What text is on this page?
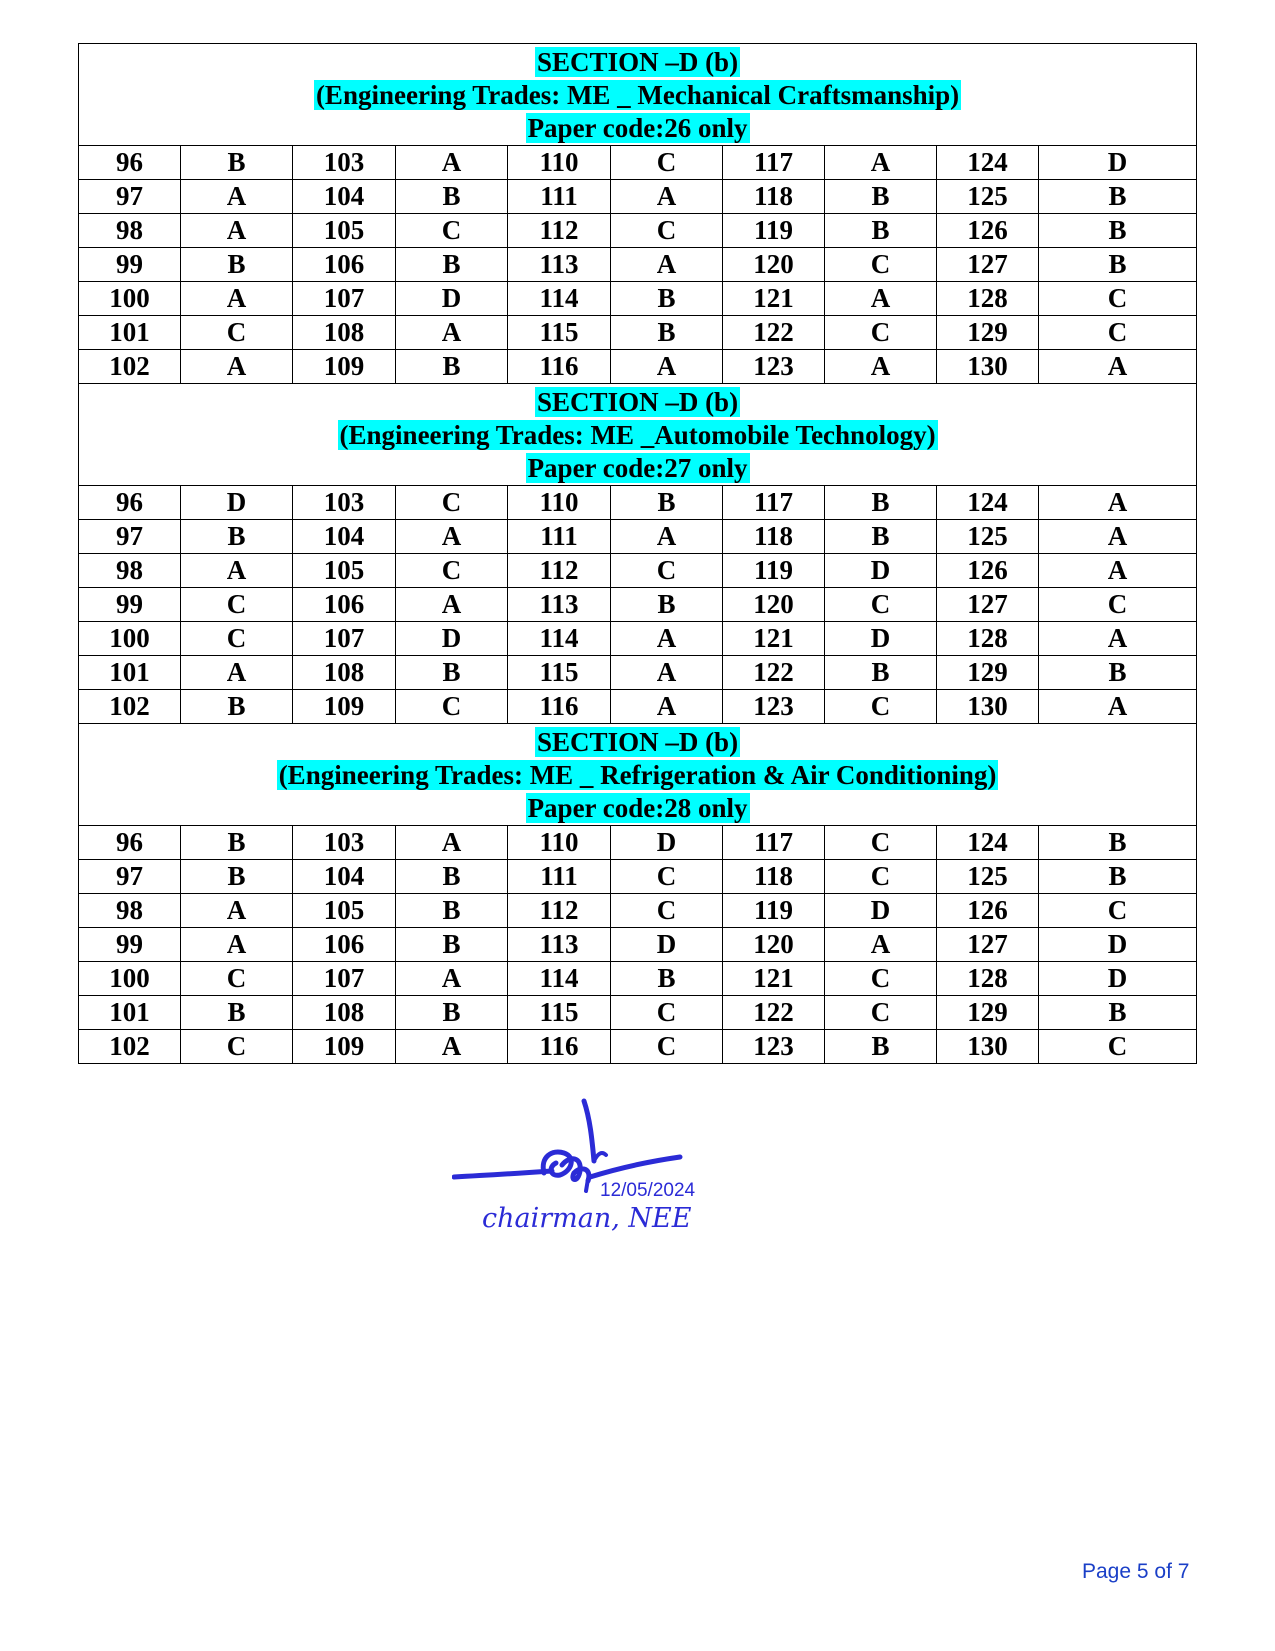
SECTION –D (b)
(Engineering Trades: ME _ Mechanical Craftsmanship)
Paper code:26 only									

96	B	103	A	110	C	117	A	124	D
97	A	104	B	111	A	118	B	125	B
98	A	105	C	112	C	119	B	126	B
99	B	106	B	113	A	120	C	127	B
100	A	107	D	114	B	121	A	128	C
101	C	108	A	115	B	122	C	129	C
102	A	109	B	116	A	123	A	130	A

SECTION –D (b)
(Engineering Trades: ME _Automobile Technology)
Paper code:27 only									

96	D	103	C	110	B	117	B	124	A
97	B	104	A	111	A	118	B	125	A
98	A	105	C	112	C	119	D	126	A
99	C	106	A	113	B	120	C	127	C
100	C	107	D	114	A	121	D	128	A
101	A	108	B	115	A	122	B	129	B
102	B	109	C	116	A	123	C	130	A

SECTION –D (b)
(Engineering Trades: ME _ Refrigeration & Air Conditioning)
Paper code:28 only									

96	B	103	A	110	D	117	C	124	B
97	B	104	B	111	C	118	C	125	B
98	A	105	B	112	C	119	D	126	C
99	A	106	B	113	D	120	A	127	D
100	C	107	A	114	B	121	C	128	D
101	B	108	B	115	C	122	C	129	B
102	C	109	A	116	C	123	B	130	C
12/05/2024
chairman, NEE
Page 5 of 7
